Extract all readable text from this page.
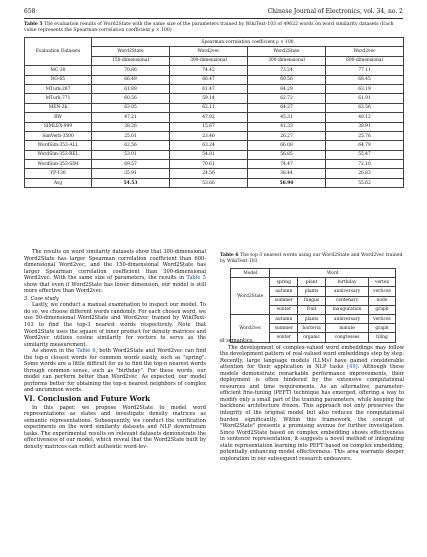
658	Chinese Journal of Electronics, vol. 34, no. 2
Table 5 The evaluation results of Word2State with the same size of the parameters trained by WikiText-103 of 49622 words on word similarity datasets (Each value represents the Spearman correlation coefficient ρ × 100)
Evaluation Datasets	Spearman correlation coefficient ρ × 100			
	Word2State	Word2vec	Word2State	Word2vec
	150-dimensional	300-dimensional	300-dimensional	600-dimensional
MC-30	70.86	74.42	73.24	77.11
RG-65	66.49	66.47	69.56	68.45
MTurk-287	61.89	61.47	64.29	63.19
MTurk-771	60.56	59.14	62.72	61.91
MEN-3k	63.05	62.11	64.27	63.56
RW	47.21	47.92	45.31	49.12
SIMLEX-999	38.26	15.87	41.33	38.91
SimVerb-3500	25.01	23.46	26.27	25.76
WordSim-353-ALL	62.56	63.24	66.08	64.79
WordSim-353-REL	53.01	54.81	56.85	55.47
WordSim-353-SIM	69.57	70.61	74.47	72.10
YP-130	35.91	24.56	38.44	26.83
Avg	54.53	53.66	56.90	55.62

The results on word similarity datasets show that 300-dimensional Word2State has larger Spearman correlation coefficient than 600-dimensional Word2vec, and the 150-dimensional Word2State has larger Spearman correlation coefficient than 300-dimensional Word2vec. With the same size of parameters, the results in Table 5 show that even if Word2State has lower dimension, our model is still more effective than Word2vec.

3. Case study

Lastly, we conduct a manual examination to inspect our model. To do so, we choose different words randomly. For each chosen word, we use 50-dimensional Word2State and Word2vec trained by WikiText-103 to find the top-3 nearest words respectively. Note that Word2State uses the square of inner product for density matrices and Word2vec utilizes cosine similarity for vectors to serve as the similarity measurement.

As shown in the Table 6, both Word2State and Word2vec can find the top-n closest words for common words easily, such as "spring". Some words are a little difficult for us to find the top-n nearest words through common sense, such as "birthday". For these words, our model can perform better than Word2vec. As expected, our model performs better for obtaining the top-n nearest neighbors of complex and uncommon words.

VI. Conclusion and Future Work

In this paper, we propose Word2State to model word representations as states and investigate density matrices as semantic representations. Subsequently, we conduct the verification experiments on the word similarity datasets and NLP downstream tasks. The experimental results on relevant datasets demonstrate the effectiveness of our model, which reveal that the Word2State built by density matrices can reflect authentic word-lev-

Table 6 The top-3 nearest words using our Word2State and Word2vec trained by WikiText-103
Model	Word			
Word2State	spring	plant	birthday	vertex
	autumn	plants	anniversary	vertices
	summer	fungus	centenary	node
	winter	fruit	inauguration	graph
Word2vec	autumn	plants	anniversary	vertices
	summer	bacteria	minute	graph
	winter	organic	congresses	tiling

el semantics.

The development of complex-valued word embeddings may follow the development pattern of real-valued word embeddings step by step. Recently, large language models (LLMs) have gained considerable attention for their application in NLP tasks [49]. Although these models demonstrate remarkable performance improvements, their deployment is often hindered by the extensive computational resources and time requirements. As an alternative, parameter-efficient fine-tuning (PEFT) technique has emerged, offering a way to modify only a small part of the training parameters, while keeping the backbone architecture frozen. This approach not only preserves the integrity of the original model but also reduces the computational burden significantly. Within this framework, the concept of "Word2State" presents a promising avenue for further investigation. Since Word2State based on complex embedding shows effectiveness in sentence representation, it suggests a novel method of integrating state representation learning into PEFT based on complex embedding, potentially enhancing model effectiveness. This area warrants deeper exploration in our subsequent research endeavors.
